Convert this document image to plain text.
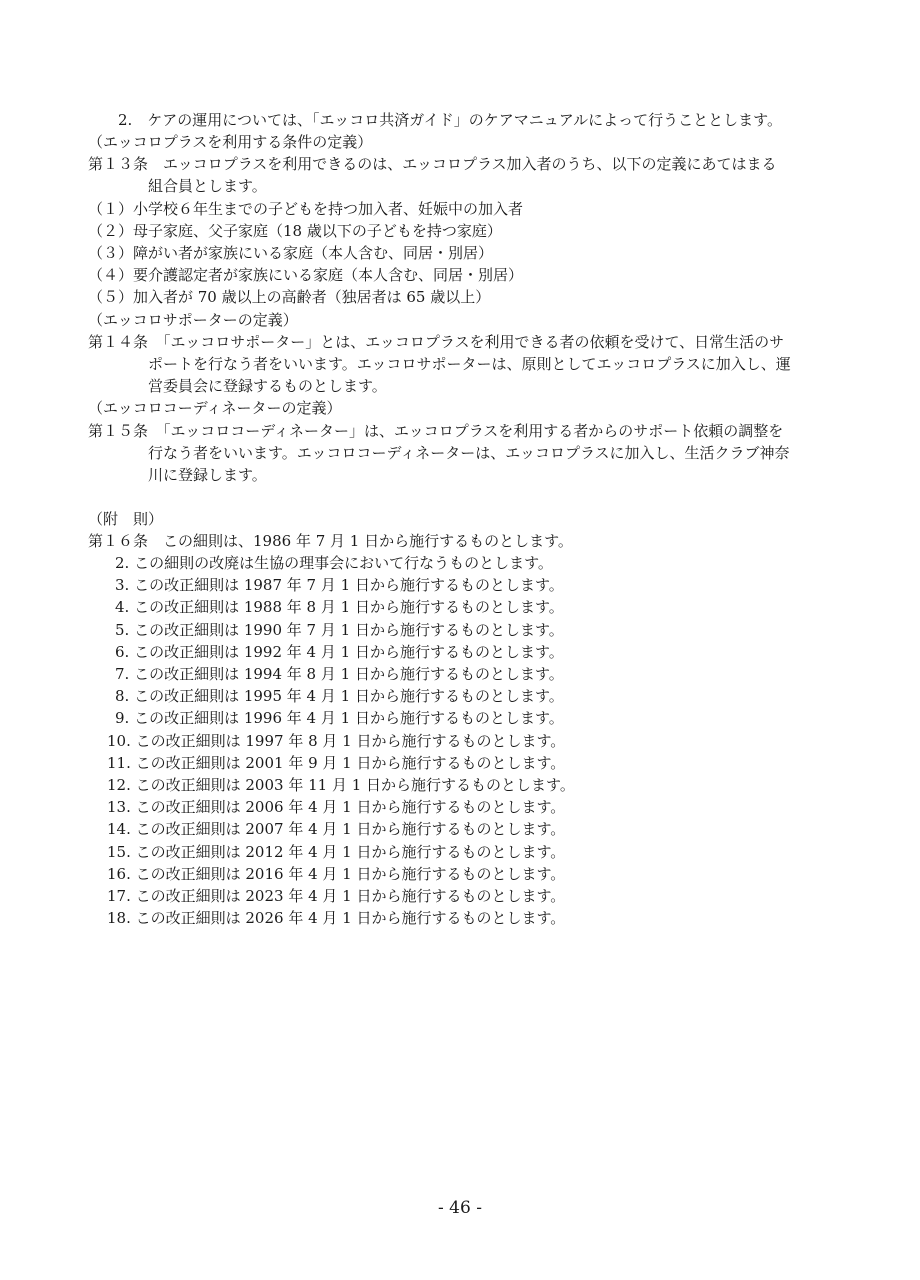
2.　ケアの運用については、「エッコロ共済ガイド」のケアマニュアルによって行うこととします。
（エッコロプラスを利用する条件の定義）
第１３条　エッコロプラスを利用できるのは、エッコロプラス加入者のうち、以下の定義にあてはまる
組合員とします。
（１）小学校６年生までの子どもを持つ加入者、妊娠中の加入者
（２）母子家庭、父子家庭（18 歳以下の子どもを持つ家庭）
（３）障がい者が家族にいる家庭（本人含む、同居・別居）
（４）要介護認定者が家族にいる家庭（本人含む、同居・別居）
（５）加入者が 70 歳以上の高齢者（独居者は 65 歳以上）
（エッコロサポーターの定義）
第１４条　「エッコロサポーター」とは、エッコロプラスを利用できる者の依頼を受けて、日常生活のサ
ポートを行なう者をいいます。エッコロサポーターは、原則としてエッコロプラスに加入し、運
営委員会に登録するものとします。
（エッコロコーディネーターの定義）
第１５条　「エッコロコーディネーター」は、エッコロプラスを利用する者からのサポート依頼の調整を
行なう者をいいます。エッコロコーディネーターは、エッコロプラスに加入し、生活クラブ神奈
川に登録します。
（附　則）
第１６条　この細則は、1986 年 7 月 1 日から施行するものとします。
2. この細則の改廃は生協の理事会において行なうものとします。
3. この改正細則は 1987 年 7 月 1 日から施行するものとします。
4. この改正細則は 1988 年 8 月 1 日から施行するものとします。
5. この改正細則は 1990 年 7 月 1 日から施行するものとします。
6. この改正細則は 1992 年 4 月 1 日から施行するものとします。
7. この改正細則は 1994 年 8 月 1 日から施行するものとします。
8. この改正細則は 1995 年 4 月 1 日から施行するものとします。
9. この改正細則は 1996 年 4 月 1 日から施行するものとします。
10. この改正細則は 1997 年 8 月 1 日から施行するものとします。
11. この改正細則は 2001 年 9 月 1 日から施行するものとします。
12. この改正細則は 2003 年 11 月 1 日から施行するものとします。
13. この改正細則は 2006 年 4 月 1 日から施行するものとします。
14. この改正細則は 2007 年 4 月 1 日から施行するものとします。
15. この改正細則は 2012 年 4 月 1 日から施行するものとします。
16. この改正細則は 2016 年 4 月 1 日から施行するものとします。
17. この改正細則は 2023 年 4 月 1 日から施行するものとします。
18. この改正細則は 2026 年 4 月 1 日から施行するものとします。
- 46 -
